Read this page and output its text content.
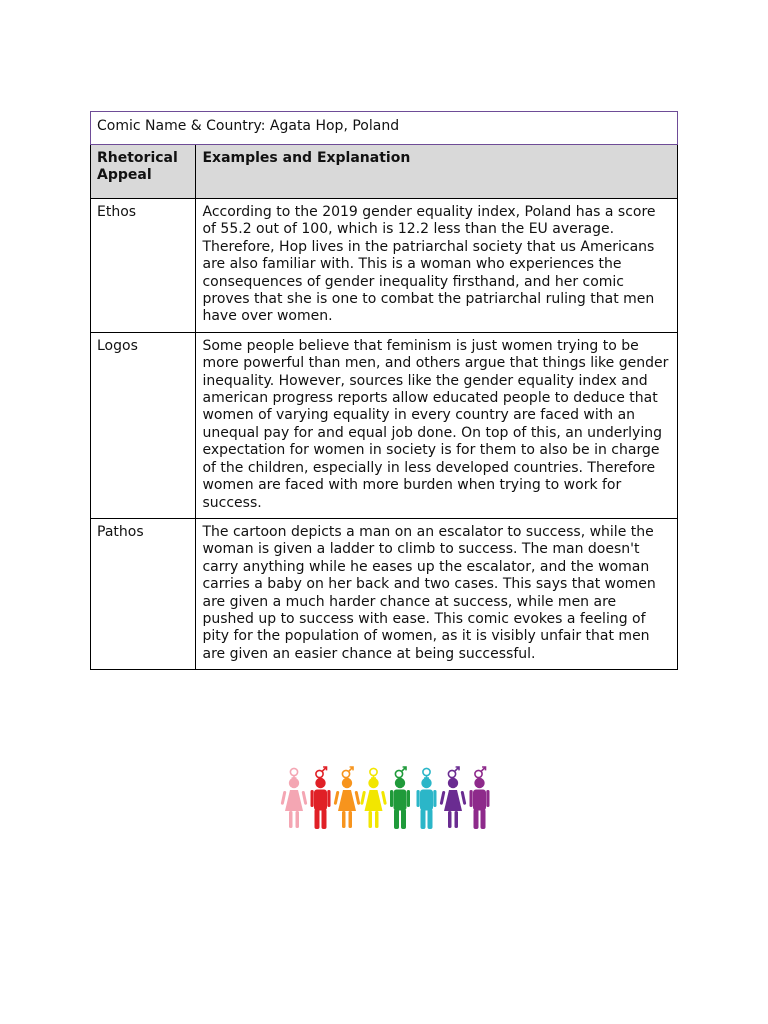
Comic Name & Country: Agata Hop, Poland	
Rhetorical Appeal	Examples and Explanation
Ethos	According to the 2019 gender equality index, Poland has a score of 55.2 out of 100, which is 12.2 less than the EU average. Therefore, Hop lives in the patriarchal society that us Americans are also familiar with. This is a woman who experiences the consequences of gender inequality firsthand, and her comic proves that she is one to combat the patriarchal ruling that men have over women.
Logos	Some people believe that feminism is just women trying to be more powerful than men, and others argue that things like gender inequality. However, sources like the gender equality index and american progress reports allow educated people to deduce that women of varying equality in every country are faced with an unequal pay for and equal job done. On top of this, an underlying expectation for women in society is for them to also be in charge of the children, especially in less developed countries. Therefore women are faced with more burden when trying to work for success.
Pathos	The cartoon depicts a man on an escalator to success, while the woman is given a ladder to climb to success. The man doesn't carry anything while he eases up the escalator, and the woman carries a baby on her back and two cases. This says that women are given a much harder chance at success, while men are pushed up to success with ease. This comic evokes a feeling of pity for the population of women, as it is visibly unfair that men are given an easier chance at being successful.
